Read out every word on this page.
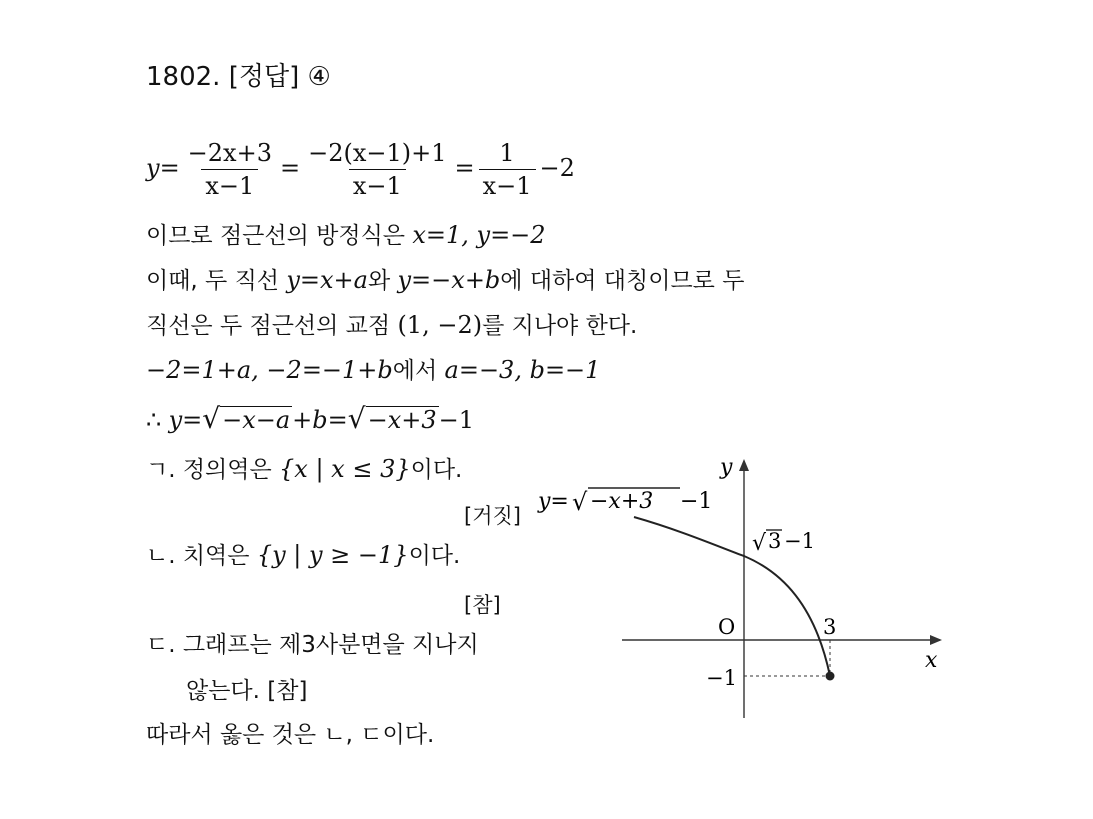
1802. [정답] ④
$y= \frac{-2x+3}{x-1} = \frac{-2(x-1)+1}{x-1} = \frac{1}{x-1} -2$
이므로 점근선의 방정식은 x=1, y=−2
이때, 두 직선 y=x+a와 y=−x+b에 대하여 대칭이므로 두
직선은 두 점근선의 교점 (1, −2)를 지나야 한다.
−2=1+a, −2=−1+b에서 a=−3, b=−1
∴ y=√−x−a+b=√−x+3−1
ㄱ. 정의역은 {x | x ≤ 3}이다.
[거짓]
ㄴ. 치역은 {y | y ≥ −1}이다.
[참]
ㄷ. 그래프는 제3사분면을 지나지
않는다. [참]
따라서 옳은 것은 ㄴ, ㄷ이다.
y= √ −x+3 −1
√ 3 −1
x
y
O	3
−1
